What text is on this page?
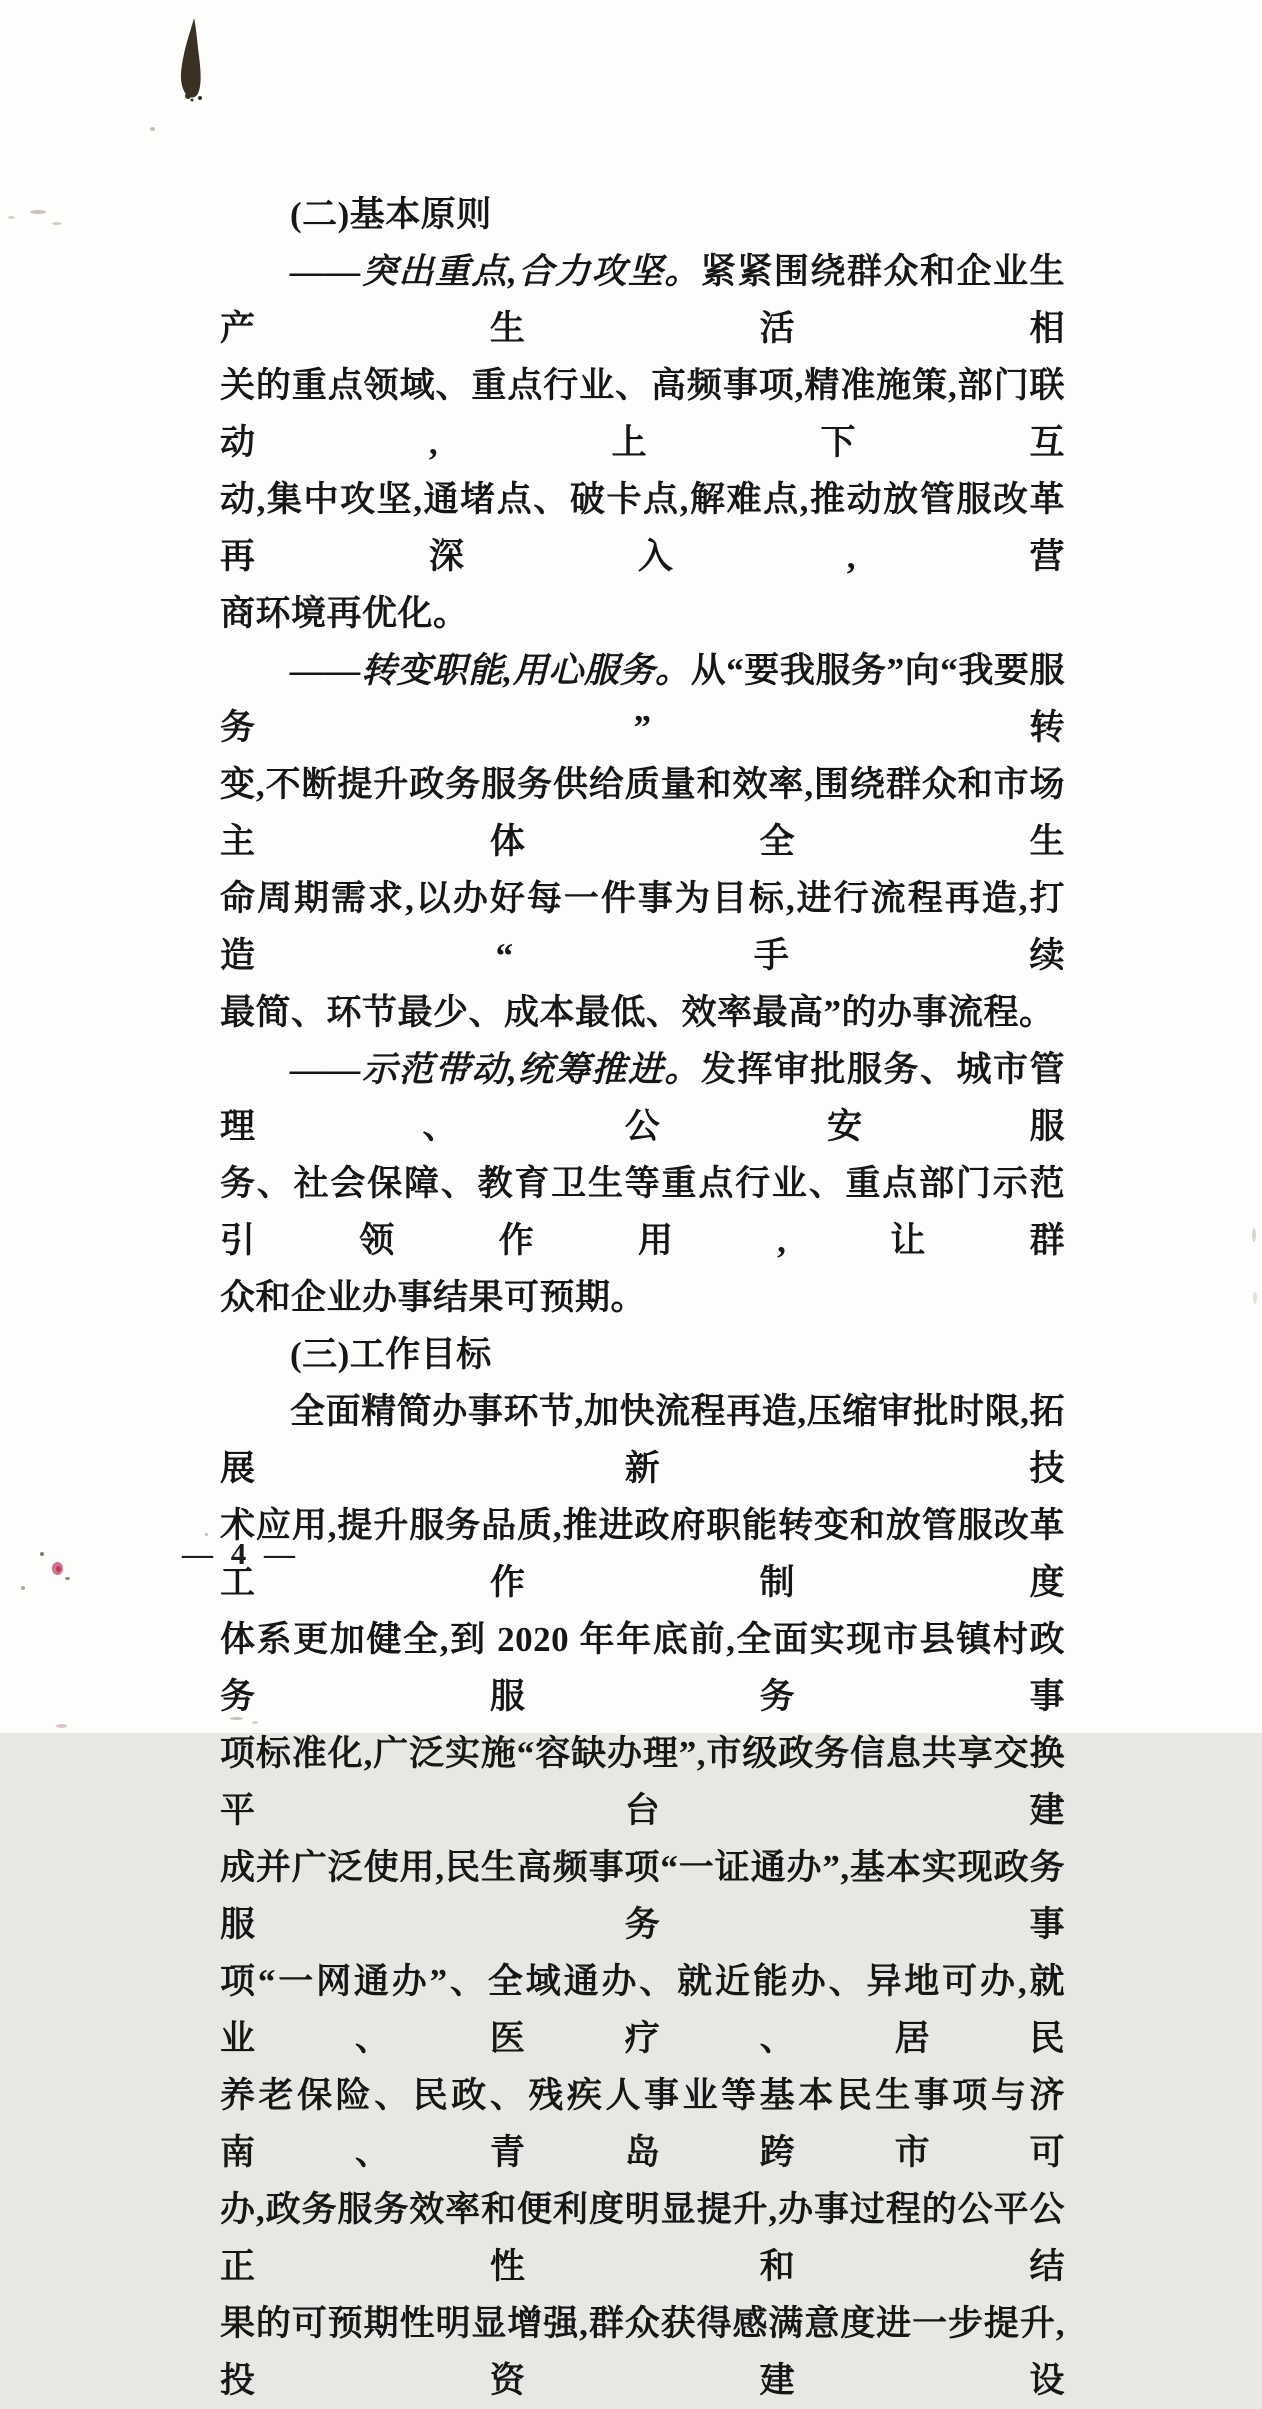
(二)基本原则
——突出重点,合力攻坚。紧紧围绕群众和企业生产生活相
关的重点领域、重点行业、高频事项,精准施策,部门联动,上下互
动,集中攻坚,通堵点、破卡点,解难点,推动放管服改革再深入,营
商环境再优化。
——转变职能,用心服务。从“要我服务”向“我要服务”转
变,不断提升政务服务供给质量和效率,围绕群众和市场主体全生
命周期需求,以办好每一件事为目标,进行流程再造,打造“手续
最简、环节最少、成本最低、效率最高”的办事流程。
——示范带动,统筹推进。发挥审批服务、城市管理、公安服
务、社会保障、教育卫生等重点行业、重点部门示范引领作用,让群
众和企业办事结果可预期。
(三)工作目标
全面精简办事环节,加快流程再造,压缩审批时限,拓展新技
术应用,提升服务品质,推进政府职能转变和放管服改革工作制度
体系更加健全,到 2020 年年底前,全面实现市县镇村政务服务事
项标准化,广泛实施“容缺办理”,市级政务信息共享交换平台建
成并广泛使用,民生高频事项“一证通办”,基本实现政务服务事
项“一网通办”、全域通办、就近能办、异地可办,就业、医疗、居民
养老保险、民政、残疾人事业等基本民生事项与济南、青岛跨市可
办,政务服务效率和便利度明显提升,办事过程的公平公正性和结
果的可预期性明显增强,群众获得感满意度进一步提升,投资建设
— 4 —
